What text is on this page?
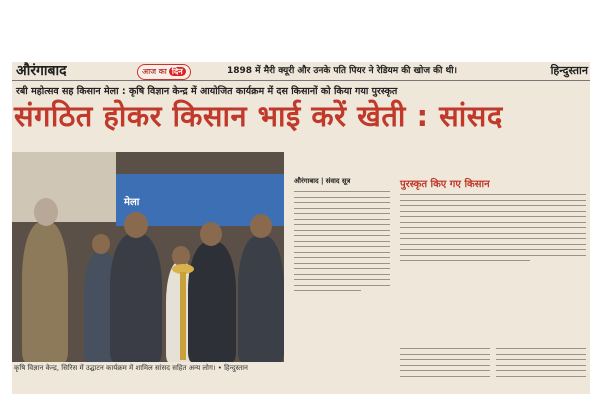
औरंगाबाद	आज का दिन	1898 में मैरी क्यूरी और उनके पति पियर ने रेडियम की खोज की थी।	हिन्दुस्तान
रबी महोत्सव सह किसान मेला : कृषि विज्ञान केन्द्र में आयोजित कार्यक्रम में दस किसानों को किया गया पुरस्कृत
संगठित होकर किसान भाई करें खेती : सांसद
मेला
कृषि विज्ञान केन्द्र, सिरिस में उद्घाटन कार्यक्रम में शामिल सांसद सहित अन्य लोग। • हिन्दुस्तान
औरंगाबाद | संवाद सूत्र	पुरस्कृत किए गए किसान
